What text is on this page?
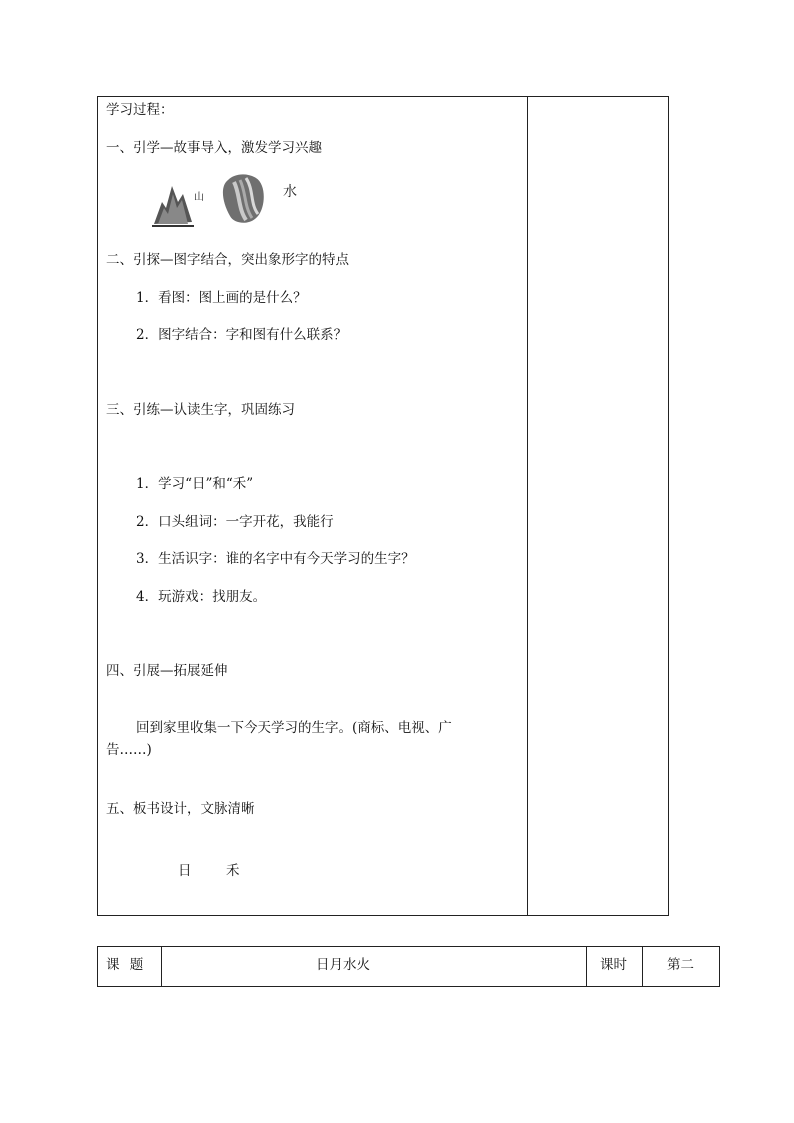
学习过程：
一、引学—故事导入，激发学习兴趣
山	水
二、引探—图字结合，突出象形字的特点
1．看图：图上画的是什么？
2．图字结合：字和图有什么联系？
三、引练—认读生字，巩固练习
1．学习“日”和“禾”
2．口头组词：一字开花，我能行
3．生活识字：谁的名字中有今天学习的生字？
4．玩游戏：找朋友。
四、引展—拓展延伸
回到家里收集一下今天学习的生字。(商标、电视、广
告……)
五、板书设计，文脉清晰
日	禾
课 题	日月水火	课时	第二
